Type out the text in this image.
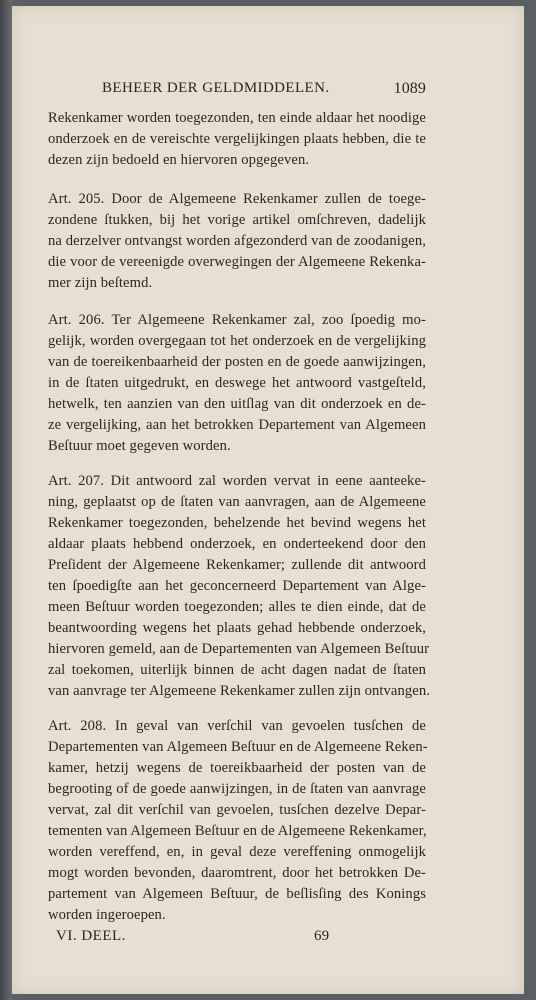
BEHEER DER GELDMIDDELEN.	1089
Rekenkamer worden toegezonden, ten einde aldaar het noodige
onderzoek en de vereischte vergelijkingen plaats hebben, die te
dezen zijn bedoeld en hiervoren opgegeven.
Art. 205. Door de Algemeene Rekenkamer zullen de toege-
zondene ſtukken, bij het vorige artikel omſchreven, dadelijk
na derzelver ontvangst worden afgezonderd van de zoodanigen,
die voor de vereenigde overwegingen der Algemeene Rekenka-
mer zijn beſtemd.
Art. 206. Ter Algemeene Rekenkamer zal, zoo ſpoedig mo-
gelijk, worden overgegaan tot het onderzoek en de vergelijking
van de toereikenbaarheid der posten en de goede aanwijzingen,
in de ſtaten uitgedrukt, en deswege het antwoord vastgeſteld,
hetwelk, ten aanzien van den uitſlag van dit onderzoek en de-
ze vergelijking, aan het betrokken Departement van Algemeen
Beſtuur moet gegeven worden.
Art. 207. Dit antwoord zal worden vervat in eene aanteeke-
ning, geplaatst op de ſtaten van aanvragen, aan de Algemeene
Rekenkamer toegezonden, behelzende het bevind wegens het
aldaar plaats hebbend onderzoek, en onderteekend door den
Preſident der Algemeene Rekenkamer; zullende dit antwoord
ten ſpoedigſte aan het geconcerneerd Departement van Alge-
meen Beſtuur worden toegezonden; alles te dien einde, dat de
beantwoording wegens het plaats gehad hebbende onderzoek,
hiervoren gemeld, aan de Departementen van Algemeen Beſtuur
zal toekomen, uiterlijk binnen de acht dagen nadat de ſtaten
van aanvrage ter Algemeene Rekenkamer zullen zijn ontvangen.
Art. 208. In geval van verſchil van gevoelen tusſchen de
Departementen van Algemeen Beſtuur en de Algemeene Reken-
kamer, hetzij wegens de toereikbaarheid der posten van de
begrooting of de goede aanwijzingen, in de ſtaten van aanvrage
vervat, zal dit verſchil van gevoelen, tusſchen dezelve Depar-
tementen van Algemeen Beſtuur en de Algemeene Rekenkamer,
worden vereffend, en, in geval deze vereffening onmogelijk
mogt worden bevonden, daaromtrent, door het betrokken De-
partement van Algemeen Beſtuur, de beſlisſing des Konings
worden ingeroepen.
VI. DEEL.	69
